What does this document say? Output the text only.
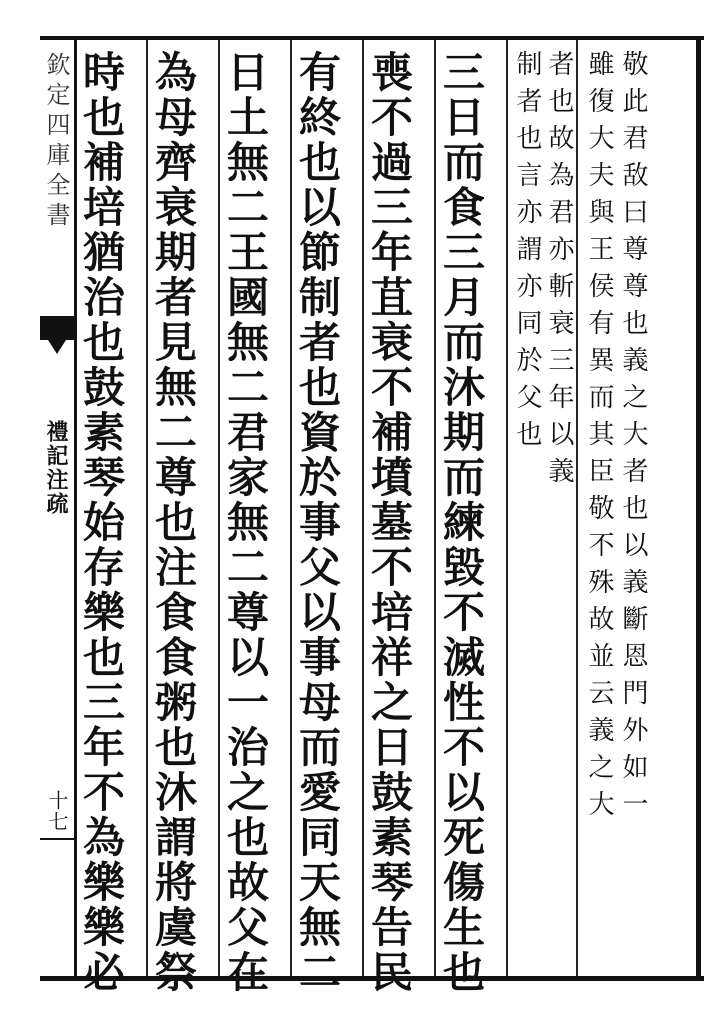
欽定四庫全書
禮記注疏
十七 時也補培猶治也鼓素琴始存樂也三年不為樂樂必 為母齊衰期者見無二尊也注食食粥也沐謂將虞祭 日土無二王國無二君家無二尊以一治之也故父在 有終也以節制者也資於事父以事母而愛同天無二 喪不過三年苴衰不補墳墓不培祥之日鼓素琴告民 三日而食三月而沐期而練毀不滅性不以死傷生也 制者也言亦謂亦同於父也 者也故為君亦斬衰三年以義 雖復大夫與王侯有異而其臣敬不殊故並云義之大 敬此君敌曰尊尊也義之大者也以義斷恩門外如一
